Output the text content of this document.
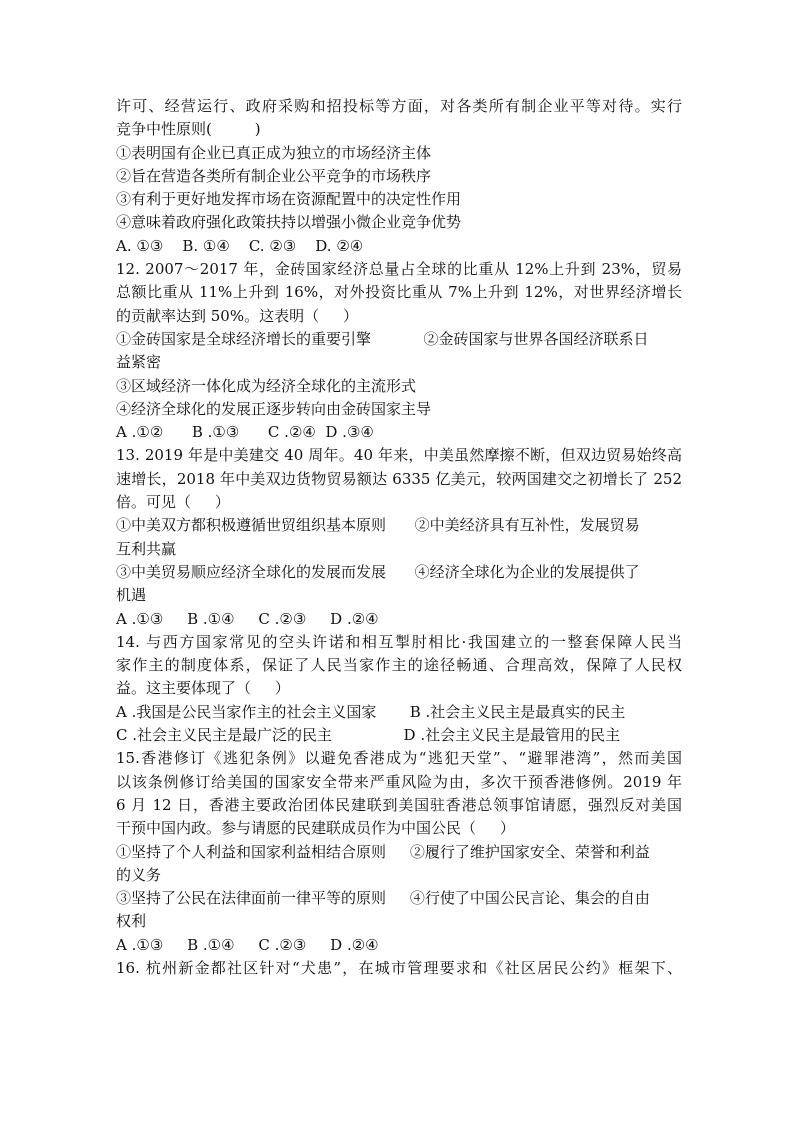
许可、经营运行、政府采购和招投标等方面，对各类所有制企业平等对待。实行
竞争中性原则(         )
①表明国有企业已真正成为独立的市场经济主体
②旨在营造各类所有制企业公平竞争的市场秩序
③有利于更好地发挥市场在资源配置中的决定性作用
④意味着政府强化政策扶持以增强小微企业竞争优势
A. ①③    B. ①④    C. ②③    D. ②④
12. 2007～2017 年，金砖国家经济总量占全球的比重从 12%上升到 23%，贸易
总额比重从 11%上升到 16%，对外投资比重从 7%上升到 12%，对世界经济增长
的贡献率达到 50%。这表明（     ）
①金砖国家是全球经济增长的重要引擎           ②金砖国家与世界各国经济联系日
益紧密
③区域经济一体化成为经济全球化的主流形式
④经济全球化的发展正逐步转向由金砖国家主导
A .①②      B .①③      C .②④  D .③④
13. 2019 年是中美建交 40 周年。40 年来，中美虽然摩擦不断，但双边贸易始终高
速增长，2018 年中美双边货物贸易额达 6335 亿美元，较两国建交之初增长了 252
倍。可见（     ）
①中美双方都积极遵循世贸组织基本原则      ②中美经济具有互补性，发展贸易
互利共赢
③中美贸易顺应经济全球化的发展而发展      ④经济全球化为企业的发展提供了
机遇
A .①③     B .①④     C .②③     D .②④
14. 与西方国家常见的空头许诺和相互掣肘相比·我国建立的一整套保障人民当
家作主的制度体系，保证了人民当家作主的途径畅通、合理高效，保障了人民权
益。这主要体现了（     ）
A .我国是公民当家作主的社会主义国家       B .社会主义民主是最真实的民主
C .社会主义民主是最广泛的民主               D .社会主义民主是最管用的民主
15.香港修订《逃犯条例》以避免香港成为“逃犯天堂”、“避罪港湾”，然而美国
以该条例修订给美国的国家安全带来严重风险为由，多次干预香港修例。2019 年
6 月 12 日，香港主要政治团体民建联到美国驻香港总领事馆请愿，强烈反对美国
干预中国内政。参与请愿的民建联成员作为中国公民（     ）
①坚持了个人利益和国家利益相结合原则     ②履行了维护国家安全、荣誉和利益
的义务
③坚持了公民在法律面前一律平等的原则     ④行使了中国公民言论、集会的自由
权利
A .①③     B .①④     C .②③     D .②④
16. 杭州新金都社区针对“犬患”，在城市管理要求和《社区居民公约》框架下、
